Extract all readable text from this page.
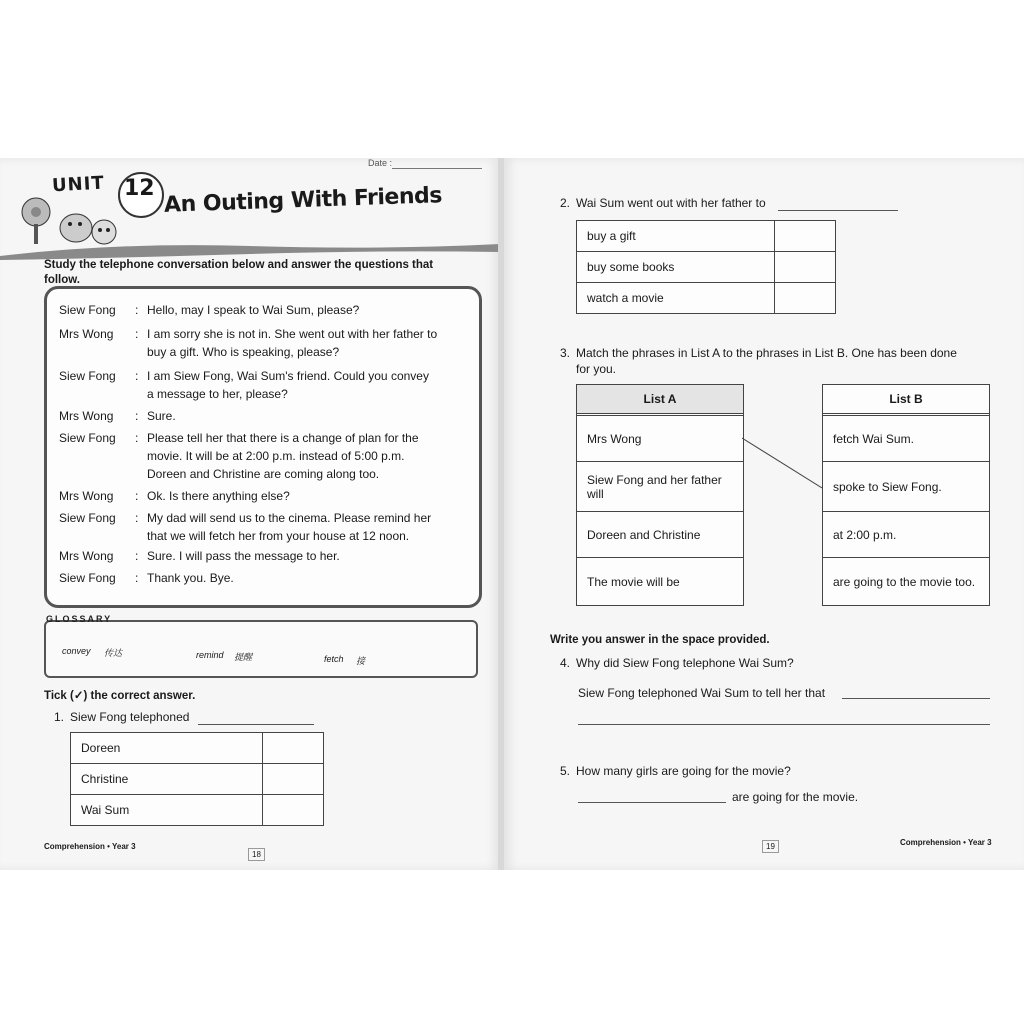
Date :
UNIT 12 An Outing With Friends
Study the telephone conversation below and answer the questions that
follow.
Siew Fong	: Hello, may I speak to Wai Sum, please?
Mrs Wong	: I am sorry she is not in. She went out with her father to
buy a gift. Who is speaking, please?
Siew Fong	: I am Siew Fong, Wai Sum's friend. Could you convey
a message to her, please?
Mrs Wong	: Sure.
Siew Fong	: Please tell her that there is a change of plan for the
movie. It will be at 2:00 p.m. instead of 5:00 p.m.
Doreen and Christine are coming along too.
Mrs Wong	: Ok. Is there anything else?
Siew Fong	: My dad will send us to the cinema. Please remind her
that we will fetch her from your house at 12 noon.
Mrs Wong	: Sure. I will pass the message to her.
Siew Fong	: Thank you. Bye.
GLOSSARY
convey 传达	remind 提醒	fetch 接
Tick (✓) the correct answer.
1. Siew Fong telephoned
Doreen	
Christine	
Wai Sum	
Comprehension • Year 3
18
2. Wai Sum went out with her father to
buy a gift	
buy some books	
watch a movie	
3. Match the phrases in List A to the phrases in List B. One has been done
for you.
List A
Mrs Wong
Siew Fong and her father will
Doreen and Christine
The movie will be
List B
fetch Wai Sum.
spoke to Siew Fong.
at 2:00 p.m.
are going to the movie too.
Write you answer in the space provided.
4. Why did Siew Fong telephone Wai Sum?
Siew Fong telephoned Wai Sum to tell her that
5. How many girls are going for the movie?
are going for the movie.
19	Comprehension • Year 3
